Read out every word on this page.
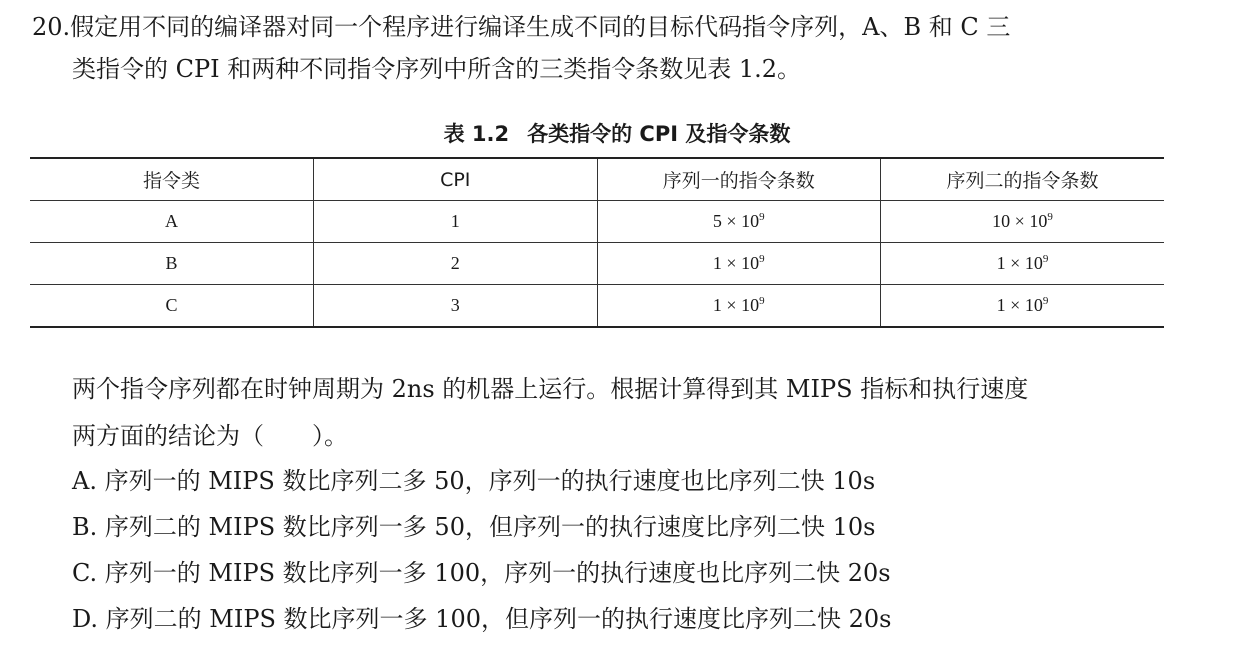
20.假定用不同的编译器对同一个程序进行编译生成不同的目标代码指令序列，A、B 和 C 三
类指令的 CPI 和两种不同指令序列中所含的三类指令条数见表 1.2。
表 1.2 各类指令的 CPI 及指令条数
指令类	CPI	序列一的指令条数	序列二的指令条数
A	1	$5 \times 10^9$	$10 \times 10^9$
B	2	$1 \times 10^9$	$1 \times 10^9$
C	3	$1 \times 10^9$	$1 \times 10^9$
两个指令序列都在时钟周期为 2ns 的机器上运行。根据计算得到其 MIPS 指标和执行速度
两方面的结论为（　　）。
A. 序列一的 MIPS 数比序列二多 50，序列一的执行速度也比序列二快 10s
B. 序列二的 MIPS 数比序列一多 50，但序列一的执行速度比序列二快 10s
C. 序列一的 MIPS 数比序列一多 100，序列一的执行速度也比序列二快 20s
D. 序列二的 MIPS 数比序列一多 100，但序列一的执行速度比序列二快 20s
